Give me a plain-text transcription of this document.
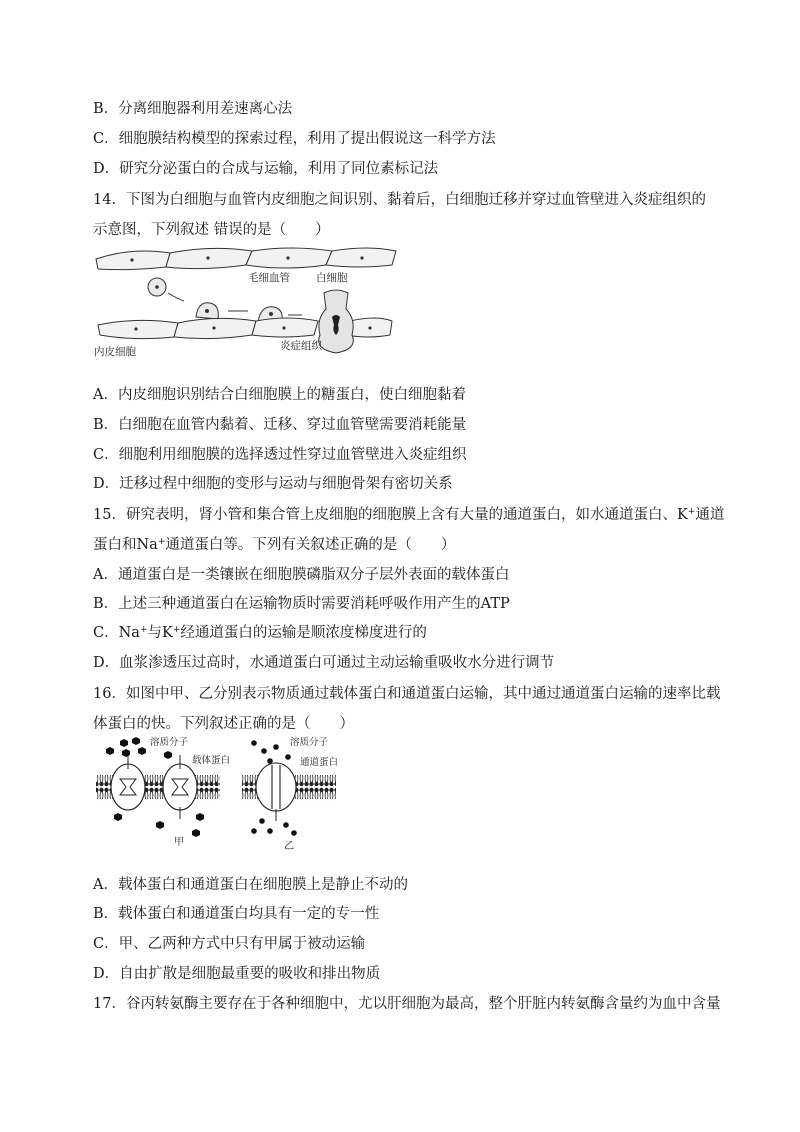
B．分离细胞器利用差速离心法
C．细胞膜结构模型的探索过程，利用了提出假说这一科学方法
D．研究分泌蛋白的合成与运输，利用了同位素标记法
14．下图为白细胞与血管内皮细胞之间识别、黏着后，白细胞迁移并穿过血管壁进入炎症组织的
示意图，下列叙述 错误的是（　　）
毛细血管 白细胞
内皮细胞	炎症组织
A．内皮细胞识别结合白细胞膜上的糖蛋白，使白细胞黏着
B．白细胞在血管内黏着、迁移、穿过血管壁需要消耗能量
C．细胞利用细胞膜的选择透过性穿过血管壁进入炎症组织
D．迁移过程中细胞的变形与运动与细胞骨架有密切关系
15．研究表明，肾小管和集合管上皮细胞的细胞膜上含有大量的通道蛋白，如水通道蛋白、K+通道
蛋白和Na+通道蛋白等。下列有关叙述正确的是（　　）
A．通道蛋白是一类镶嵌在细胞膜磷脂双分子层外表面的载体蛋白
B．上述三种通道蛋白在运输物质时需要消耗呼吸作用产生的ATP
C．Na+与K+经通道蛋白的运输是顺浓度梯度进行的
D．血浆渗透压过高时，水通道蛋白可通过主动运输重吸收水分进行调节
16．如图中甲、乙分别表示物质通过载体蛋白和通道蛋白运输，其中通过通道蛋白运输的速率比载
体蛋白的快。下列叙述正确的是（　　）
溶质分子
载体蛋白
甲
溶质分子
通道蛋白
乙
A．载体蛋白和通道蛋白在细胞膜上是静止不动的
B．载体蛋白和通道蛋白均具有一定的专一性
C．甲、乙两种方式中只有甲属于被动运输
D．自由扩散是细胞最重要的吸收和排出物质
17．谷丙转氨酶主要存在于各种细胞中，尤以肝细胞为最高，整个肝脏内转氨酶含量约为血中含量
